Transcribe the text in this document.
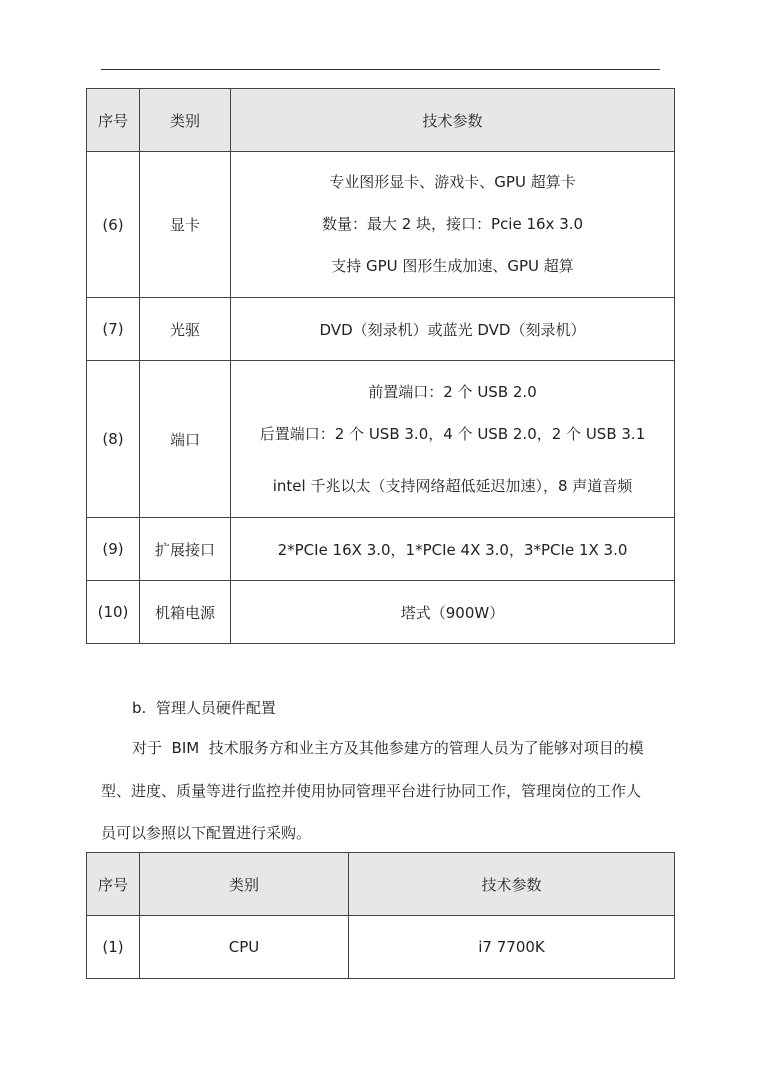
序号	类别	技术参数
(6)	显卡	专业图形显卡、游戏卡、GPU 超算卡
数量：最大 2 块，接口：Pcie 16x 3.0
支持 GPU 图形生成加速、GPU 超算

(7)	光驱	DVD（刻录机）或蓝光 DVD（刻录机）
(8)	端口	前置端口：2 个 USB 2.0
后置端口：2 个 USB 3.0，4 个 USB 2.0，2 个 USB 3.1
intel 千兆以太（支持网络超低延迟加速），8 声道音频

(9)	扩展接口	2*PCIe 16X 3.0，1*PCIe 4X 3.0，3*PCIe 1X 3.0
(10)	机箱电源	塔式（900W）
b.  管理人员硬件配置
对于  BIM  技术服务方和业主方及其他参建方的管理人员为了能够对项目的模
型、进度、质量等进行监控并使用协同管理平台进行协同工作，管理岗位的工作人
员可以参照以下配置进行采购。
序号	类别	技术参数
(1)	CPU	i7 7700K
